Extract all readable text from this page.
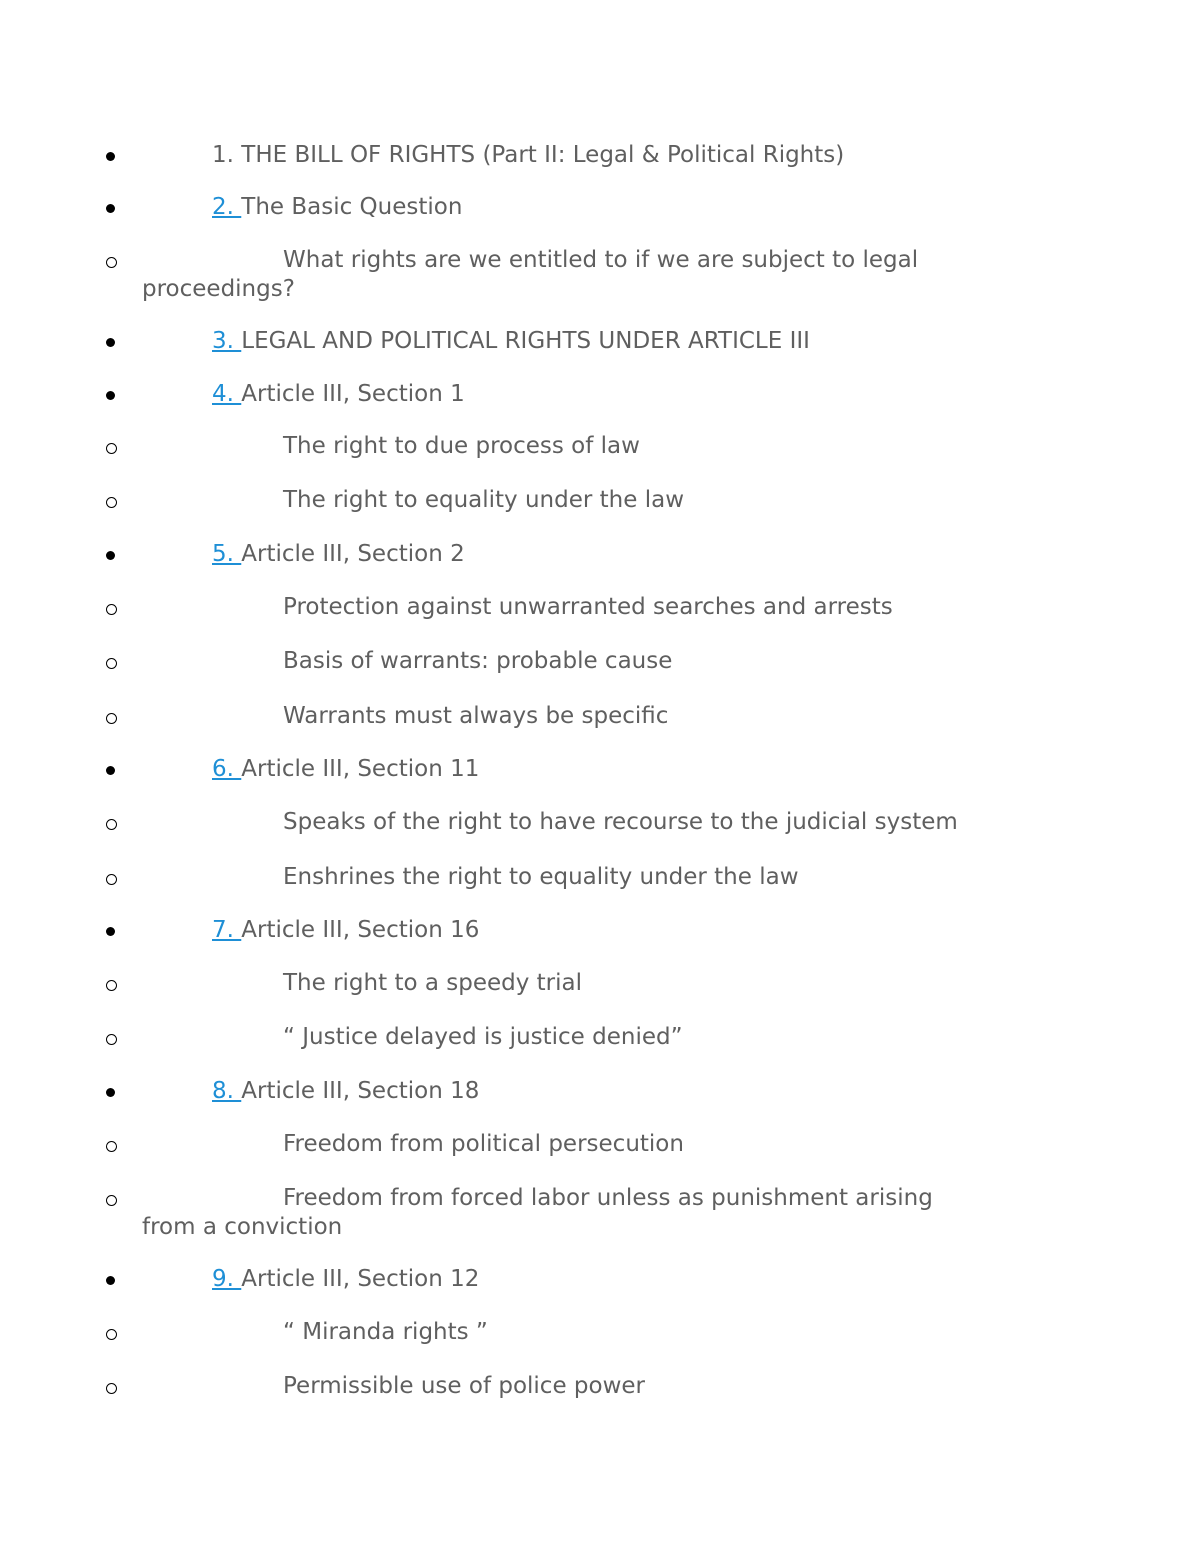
1. THE BILL OF RIGHTS (Part II: Legal & Political Rights)
2. The Basic Question
What rights are we entitled to if we are subject to legal proceedings?
3. LEGAL AND POLITICAL RIGHTS UNDER ARTICLE III
4. Article III, Section 1
The right to due process of law
The right to equality under the law
5. Article III, Section 2
Protection against unwarranted searches and arrests
Basis of warrants: probable cause
Warrants must always be specific
6. Article III, Section 11
Speaks of the right to have recourse to the judicial system
Enshrines the right to equality under the law
7. Article III, Section 16
The right to a speedy trial
“ Justice delayed is justice denied”
8. Article III, Section 18
Freedom from political persecution
Freedom from forced labor unless as punishment arising from a conviction
9. Article III, Section 12
“ Miranda rights ”
Permissible use of police power
